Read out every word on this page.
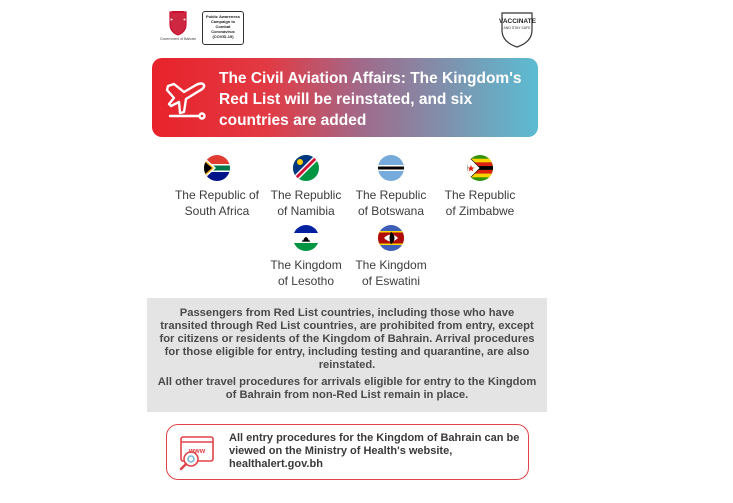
Government of Bahrain
Public Awareness Campaign to Combat Coronavirus (COVID-19)
VACCINATE
AND STAY SAFE
The Civil Aviation Affairs: The Kingdom's Red List will be reinstated, and six countries are added
The Republic of
South Africa
The Republic
of Namibia
The Republic
of Botswana
The Republic
of Zimbabwe
The Kingdom
of Lesotho
The Kingdom
of Eswatini

Passengers from Red List countries, including those who have transited through Red List countries, are prohibited from entry, except for citizens or residents of the Kingdom of Bahrain. Arrival procedures for those eligible for entry, including testing and quarantine, are also reinstated.

All other travel procedures for arrivals eligible for entry to the Kingdom of Bahrain from non-Red List remain in place.

www
All entry procedures for the Kingdom of Bahrain can be viewed on the Ministry of Health's website, healthalert.gov.bh
